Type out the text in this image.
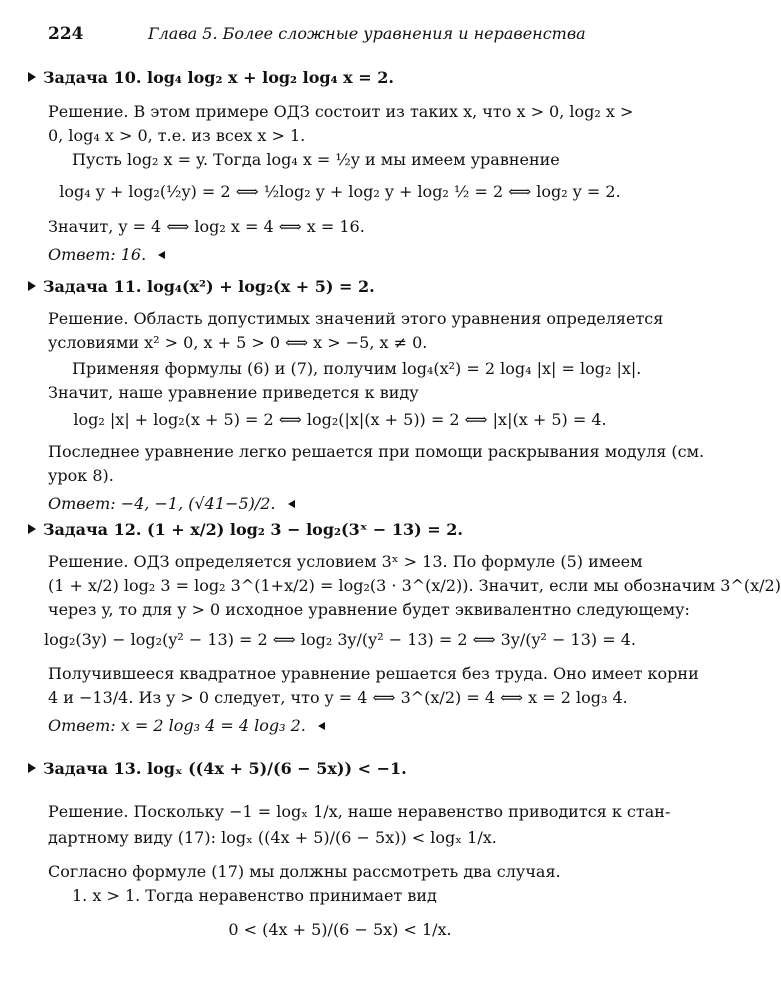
224	Глава 5. Более сложные уравнения и неравенства
Задача 10. log₄ log₂ x + log₂ log₄ x = 2.
Решение. В этом примере ОДЗ состоит из таких x, что x > 0, log₂ x >
0, log₄ x > 0, т.е. из всех x > 1.
Пусть log₂ x = y. Тогда log₄ x = ½y и мы имеем уравнение
log₄ y + log₂(½y) = 2 ⟺ ½log₂ y + log₂ y + log₂ ½ = 2 ⟺ log₂ y = 2.
Значит, y = 4 ⟺ log₂ x = 4 ⟺ x = 16.
Ответ: 16.
Задача 11. log₄(x²) + log₂(x + 5) = 2.
Решение. Область допустимых значений этого уравнения определяется
условиями x² > 0, x + 5 > 0 ⟺ x > −5, x ≠ 0.
Применяя формулы (6) и (7), получим log₄(x²) = 2 log₄ |x| = log₂ |x|.
Значит, наше уравнение приведется к виду
log₂ |x| + log₂(x + 5) = 2 ⟺ log₂(|x|(x + 5)) = 2 ⟺ |x|(x + 5) = 4.
Последнее уравнение легко решается при помощи раскрывания модуля (см.
урок 8).
Ответ: −4, −1, (√41−5)/2.
Задача 12. (1 + x/2) log₂ 3 − log₂(3ˣ − 13) = 2.
Решение. ОДЗ определяется условием 3ˣ > 13. По формуле (5) имеем
(1 + x/2) log₂ 3 = log₂ 3^(1+x/2) = log₂(3 · 3^(x/2)). Значит, если мы обозначим 3^(x/2)
через y, то для y > 0 исходное уравнение будет эквивалентно следующему:
log₂(3y) − log₂(y² − 13) = 2 ⟺ log₂ 3y/(y² − 13) = 2 ⟺ 3y/(y² − 13) = 4.
Получившееся квадратное уравнение решается без труда. Оно имеет корни
4 и −13/4. Из y > 0 следует, что y = 4 ⟺ 3^(x/2) = 4 ⟺ x = 2 log₃ 4.
Ответ: x = 2 log₃ 4 = 4 log₃ 2.
Задача 13. logₓ ((4x + 5)/(6 − 5x)) < −1.
Решение. Поскольку −1 = logₓ 1/x, наше неравенство приводится к стан-
дартному виду (17): logₓ ((4x + 5)/(6 − 5x)) < logₓ 1/x.
Согласно формуле (17) мы должны рассмотреть два случая.
1. x > 1. Тогда неравенство принимает вид
0 < (4x + 5)/(6 − 5x) < 1/x.
